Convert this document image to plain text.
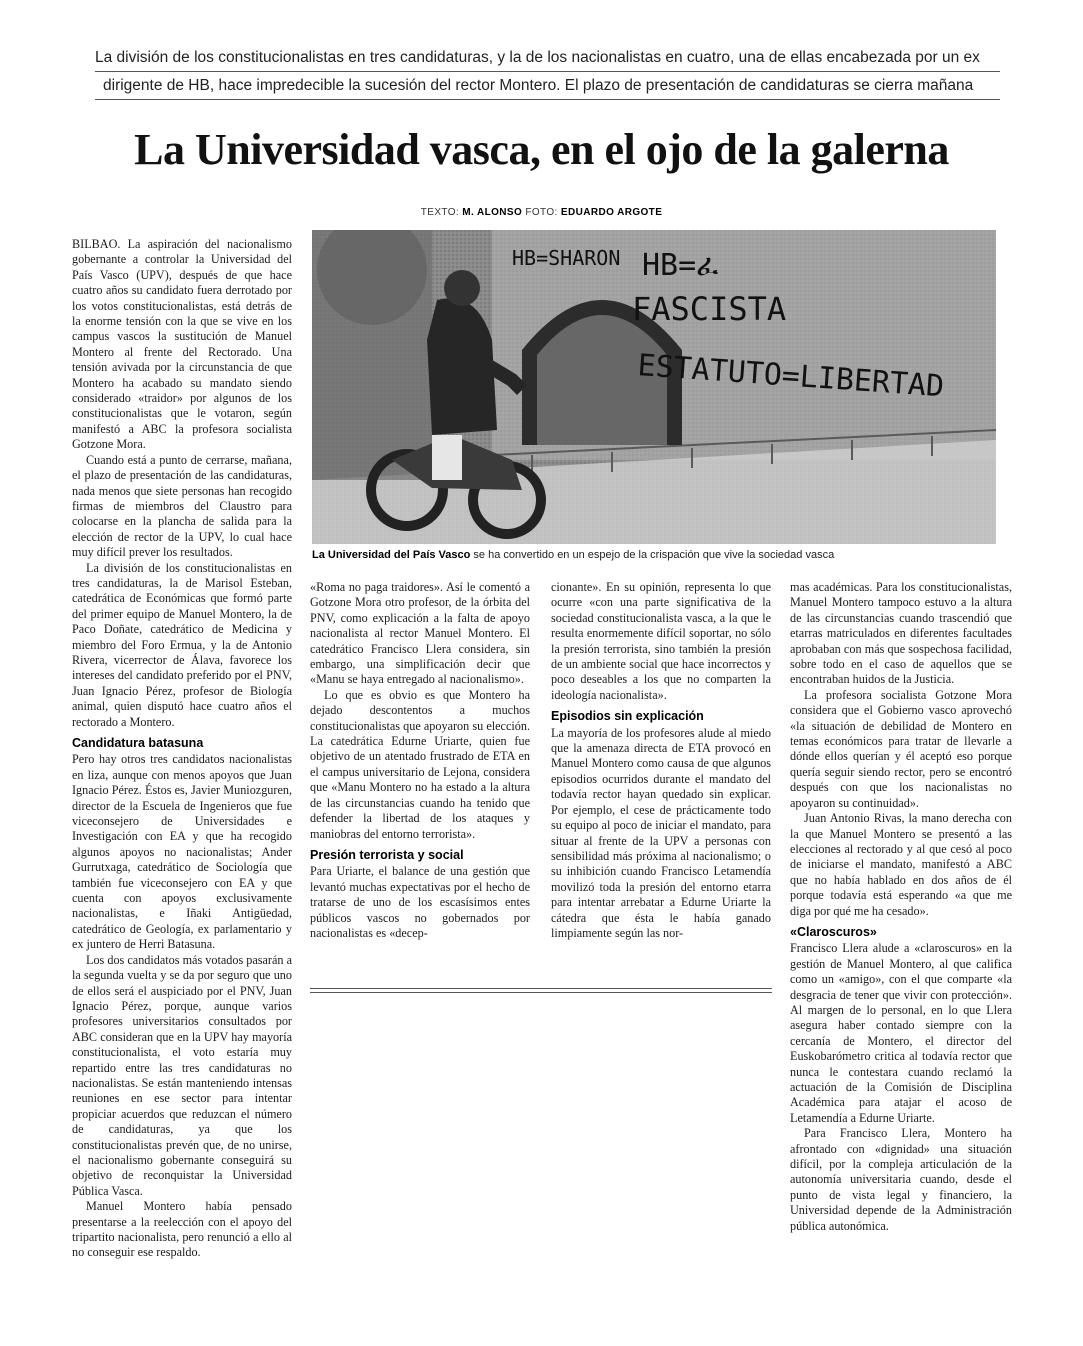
La división de los constitucionalistas en tres candidaturas, y la de los nacionalistas en cuatro, una de ellas encabezada por un ex
dirigente de HB, hace impredecible la sucesión del rector Montero. El plazo de presentación de candidaturas se cierra mañana
La Universidad vasca, en el ojo de la galerna
TEXTO: M. ALONSO FOTO: EDUARDO ARGOTE
HB=SHARON HB=ፈ
FASCISTA
ESTATUTO=LIBERTAD
La Universidad del País Vasco se ha convertido en un espejo de la crispación que vive la sociedad vasca

BILBAO. La aspiración del nacionalismo gobernante a controlar la Universidad del País Vasco (UPV), después de que hace cuatro años su candidato fuera derrotado por los votos constitucionalistas, está detrás de la enorme tensión con la que se vive en los campus vascos la sustitución de Manuel Montero al frente del Rectorado. Una tensión avivada por la circunstancia de que Montero ha acabado su mandato siendo considerado «traidor» por algunos de los constitucionalistas que le votaron, según manifestó a ABC la profesora socialista Gotzone Mora.

Cuando está a punto de cerrarse, mañana, el plazo de presentación de las candidaturas, nada menos que siete personas han recogido firmas de miembros del Claustro para colocarse en la plancha de salida para la elección de rector de la UPV, lo cual hace muy difícil prever los resultados.

La división de los constitucionalistas en tres candidaturas, la de Marisol Esteban, catedrática de Económicas que formó parte del primer equipo de Manuel Montero, la de Paco Doñate, catedrático de Medicina y miembro del Foro Ermua, y la de Antonio Rivera, vicerrector de Álava, favorece los intereses del candidato preferido por el PNV, Juan Ignacio Pérez, profesor de Biología animal, quien disputó hace cuatro años el rectorado a Montero.

Candidatura batasuna

Pero hay otros tres candidatos nacionalistas en liza, aunque con menos apoyos que Juan Ignacio Pérez. Éstos es, Javier Muniozguren, director de la Escuela de Ingenieros que fue viceconsejero de Universidades e Investigación con EA y que ha recogido algunos apoyos no nacionalistas; Ander Gurrutxaga, catedrático de Sociología que también fue viceconsejero con EA y que cuenta con apoyos exclusivamente nacionalistas, e Iñaki Antigüedad, catedrático de Geología, ex parlamentario y ex juntero de Herri Batasuna.

Los dos candidatos más votados pasarán a la segunda vuelta y se da por seguro que uno de ellos será el auspiciado por el PNV, Juan Ignacio Pérez, porque, aunque varios profesores universitarios consultados por ABC consideran que en la UPV hay mayoría constitucionalista, el voto estaría muy repartido entre las tres candidaturas no nacionalistas. Se están manteniendo intensas reuniones en ese sector para intentar propiciar acuerdos que reduzcan el número de candidaturas, ya que los constitucionalistas prevén que, de no unirse, el nacionalismo gobernante conseguirá su objetivo de reconquistar la Universidad Pública Vasca.

Manuel Montero había pensado presentarse a la reelección con el apoyo del tripartito nacionalista, pero renunció a ello al no conseguir ese respaldo.

«Roma no paga traidores». Así le comentó a Gotzone Mora otro profesor, de la órbita del PNV, como explicación a la falta de apoyo nacionalista al rector Manuel Montero. El catedrático Francisco Llera considera, sin embargo, una simplificación decir que «Manu se haya entregado al nacionalismo».

Lo que es obvio es que Montero ha dejado descontentos a muchos constitucionalistas que apoyaron su elección. La catedrática Edurne Uriarte, quien fue objetivo de un atentado frustrado de ETA en el campus universitario de Lejona, considera que «Manu Montero no ha estado a la altura de las circunstancias cuando ha tenido que defender la libertad de los ataques y maniobras del entorno terrorista».

Presión terrorista y social

Para Uriarte, el balance de una gestión que levantó muchas expectativas por el hecho de tratarse de uno de los escasísimos entes públicos vascos no gobernados por nacionalistas es «decep-

cionante». En su opinión, representa lo que ocurre «con una parte significativa de la sociedad constitucionalista vasca, a la que le resulta enormemente difícil soportar, no sólo la presión terrorista, sino también la presión de un ambiente social que hace incorrectos y poco deseables a los que no comparten la ideología nacionalista».

Episodios sin explicación

La mayoría de los profesores alude al miedo que la amenaza directa de ETA provocó en Manuel Montero como causa de que algunos episodios ocurridos durante el mandato del todavía rector hayan quedado sin explicar. Por ejemplo, el cese de prácticamente todo su equipo al poco de iniciar el mandato, para situar al frente de la UPV a personas con sensibilidad más próxima al nacionalismo; o su inhibición cuando Francisco Letamendía movilizó toda la presión del entorno etarra para intentar arrebatar a Edurne Uriarte la cátedra que ésta le había ganado limpiamente según las nor-

mas académicas. Para los constitucionalistas, Manuel Montero tampoco estuvo a la altura de las circunstancias cuando trascendió que etarras matriculados en diferentes facultades aprobaban con más que sospechosa facilidad, sobre todo en el caso de aquellos que se encontraban huidos de la Justicia.

La profesora socialista Gotzone Mora considera que el Gobierno vasco aprovechó «la situación de debilidad de Montero en temas económicos para tratar de llevarle a dónde ellos querían y él aceptó eso porque quería seguir siendo rector, pero se encontró después con que los nacionalistas no apoyaron su continuidad».

Juan Antonio Rivas, la mano derecha con la que Manuel Montero se presentó a las elecciones al rectorado y al que cesó al poco de iniciarse el mandato, manifestó a ABC que no había hablado en dos años de él porque todavía está esperando «a que me diga por qué me ha cesado».

«Claroscuros»

Francisco Llera alude a «claroscuros» en la gestión de Manuel Montero, al que califica como un «amigo», con el que comparte «la desgracia de tener que vivir con protección». Al margen de lo personal, en lo que Llera asegura haber contado siempre con la cercanía de Montero, el director del Euskobarómetro critica al todavía rector que nunca le contestara cuando reclamó la actuación de la Comisión de Disciplina Académica para atajar el acoso de Letamendía a Edurne Uriarte.

Para Francisco Llera, Montero ha afrontado con «dignidad» una situación difícil, por la compleja articulación de la autonomía universitaria cuando, desde el punto de vista legal y financiero, la Universidad depende de la Administración pública autonómica.
